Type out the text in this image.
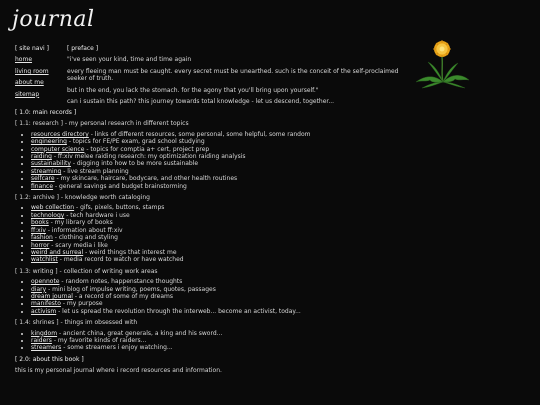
journal
[ site navi ]
home
living room
about me
sitemap
[ preface ]

"i've seen your kind, time and time again

every fleeing man must be caught. every secret must be unearthed. such is the conceit of the self-proclaimed seeker of truth.

but in the end, you lack the stomach. for the agony that you'll bring upon yourself."

can i sustain this path? this journey towards total knowledge - let us descend, together...

[ 1.0: main records ]
[ 1.1: research ] - my personal research in different topics
• resources directory - links of different resources, some personal, some helpful, some random
• engineering - topics for FE/PE exam, grad school studying
• computer science - topics for comptia a+ cert, project prep
• raiding - ff:xiv melee raiding research: my optimization raiding analysis
• sustainability - digging into how to be more sustainable
• streaming - live stream planning
• selfcare - my skincare, haircare, bodycare, and other health routines
• finance - general savings and budget brainstorming
[ 1.2: archive ] - knowledge worth cataloging
• web collection - gifs, pixels, buttons, stamps
• technology - tech hardware i use
• books - my library of books
• ff:xiv - information about ff:xiv
• fashion - clothing and styling
• horror - scary media i like
• weird and surreal - weird things that interest me
• watchlist - media record to watch or have watched
[ 1.3: writing ] - collection of writing work areas
• opennote - random notes, happenstance thoughts
• diary - mini blog of impulse writing, poems, quotes, passages
• dream journal - a record of some of my dreams
• manifesto - my purpose
• activism - let us spread the revolution through the interweb... become an activist, today...
[ 1.4: shrines ] - things im obsessed with
• kingdom - ancient china, great generals, a king and his sword...
• raiders - my favorite kinds of raiders...
• streamers - some streamers i enjoy watching...
[ 2.0: about this book ]
this is my personal journal where i record resources and information.
